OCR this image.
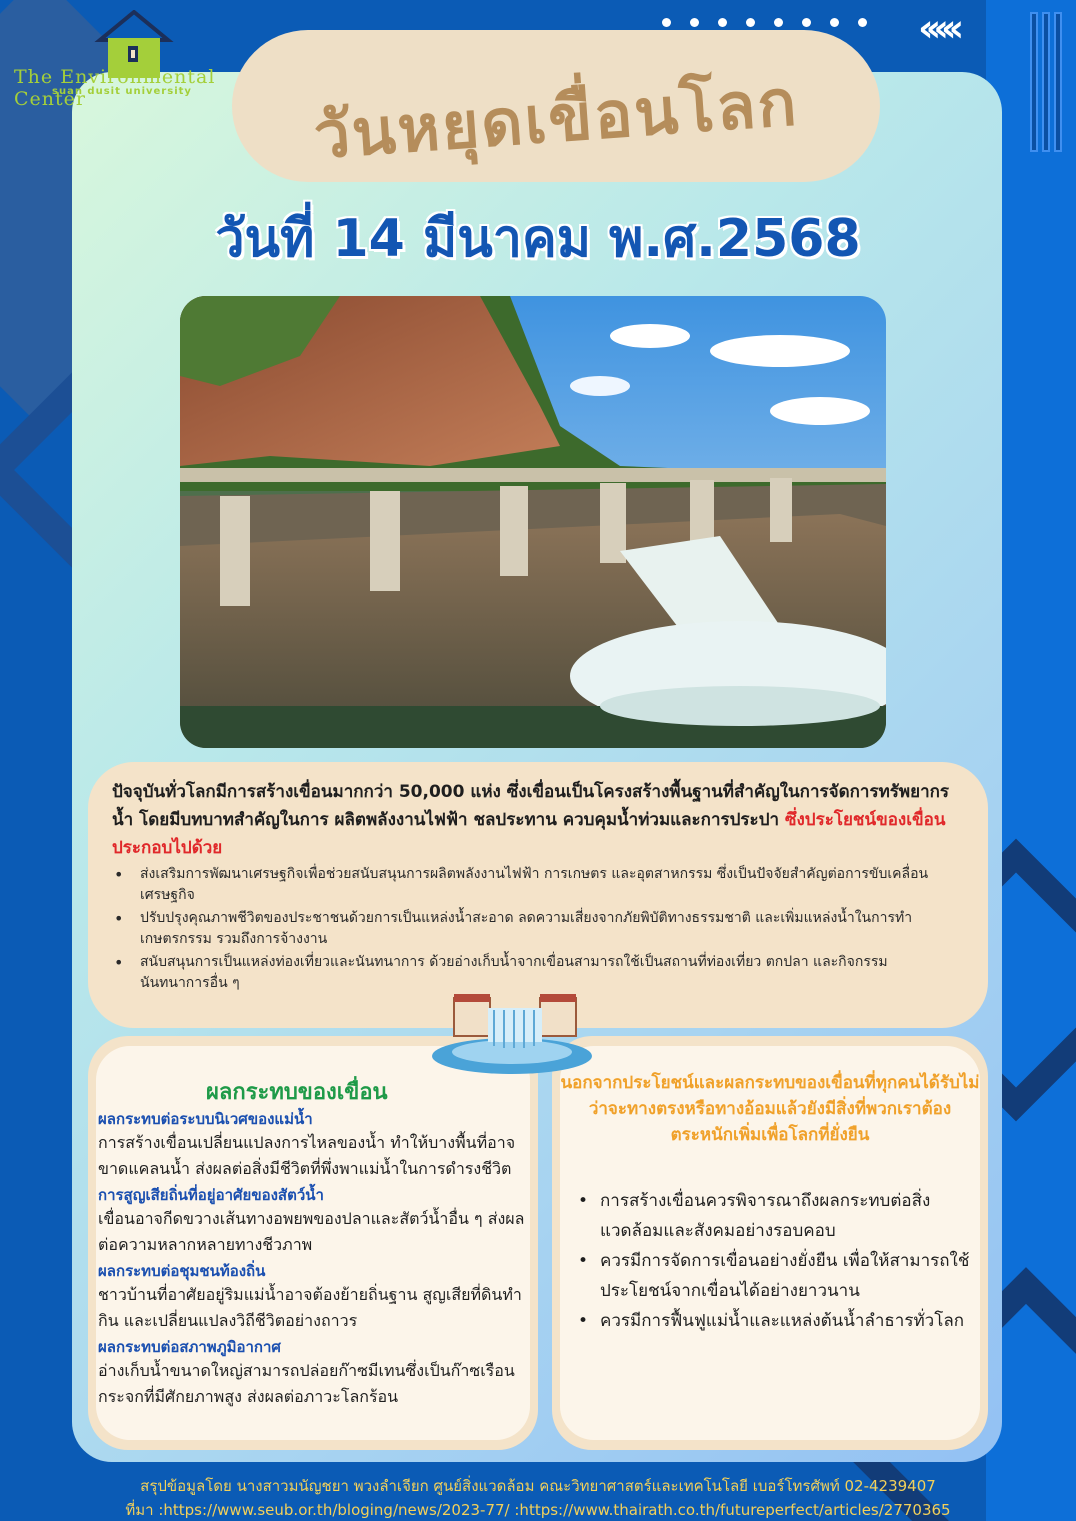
‹‹‹‹‹
The Environmental Center
suan dusit university	วันหยุดเขื่อนโลก
วันที่ 14 มีนาคม พ.ศ.2568

ปัจจุบันทั่วโลกมีการสร้างเขื่อนมากกว่า 50,000 แห่ง ซึ่งเขื่อนเป็นโครงสร้างพื้นฐานที่สำคัญในการจัดการทรัพยากรน้ำ โดยมีบทบาทสำคัญในการ ผลิตพลังงานไฟฟ้า ชลประทาน ควบคุมน้ำท่วมและการประปา ซึ่งประโยชน์ของเขื่อนประกอบไปด้วย

• ส่งเสริมการพัฒนาเศรษฐกิจเพื่อช่วยสนับสนุนการผลิตพลังงานไฟฟ้า การเกษตร และอุตสาหกรรม ซึ่งเป็นปัจจัยสำคัญต่อการขับเคลื่อนเศรษฐกิจ
• ปรับปรุงคุณภาพชีวิตของประชาชนด้วยการเป็นแหล่งน้ำสะอาด ลดความเสี่ยงจากภัยพิบัติทางธรรมชาติ และเพิ่มแหล่งน้ำในการทำเกษตรกรรม รวมถึงการจ้างงาน
• สนับสนุนการเป็นแหล่งท่องเที่ยวและนันทนาการ ด้วยอ่างเก็บน้ำจากเขื่อนสามารถใช้เป็นสถานที่ท่องเที่ยว ตกปลา และกิจกรรมนันทนาการอื่น ๆ
ผลกระทบของเขื่อน
ผลกระทบต่อระบบนิเวศของแม่น้ำ
การสร้างเขื่อนเปลี่ยนแปลงการไหลของน้ำ ทำให้บางพื้นที่อาจขาดแคลนน้ำ ส่งผลต่อสิ่งมีชีวิตที่พึ่งพาแม่น้ำในการดำรงชีวิต
การสูญเสียถิ่นที่อยู่อาศัยของสัตว์น้ำ
เขื่อนอาจกีดขวางเส้นทางอพยพของปลาและสัตว์น้ำอื่น ๆ ส่งผลต่อความหลากหลายทางชีวภาพ
ผลกระทบต่อชุมชนท้องถิ่น
ชาวบ้านที่อาศัยอยู่ริมแม่น้ำอาจต้องย้ายถิ่นฐาน สูญเสียที่ดินทำกิน และเปลี่ยนแปลงวิถีชีวิตอย่างถาวร
ผลกระทบต่อสภาพภูมิอากาศ
อ่างเก็บน้ำขนาดใหญ่สามารถปล่อยก๊าซมีเทนซึ่งเป็นก๊าซเรือนกระจกที่มีศักยภาพสูง ส่งผลต่อภาวะโลกร้อน
นอกจากประโยชน์และผลกระทบของเขื่อนที่ทุกคนได้รับไม่ว่าจะทางตรงหรือทางอ้อมแล้วยังมีสิ่งที่พวกเราต้องตระหนักเพิ่มเพื่อโลกที่ยั่งยืน
• การสร้างเขื่อนควรพิจารณาถึงผลกระทบต่อสิ่งแวดล้อมและสังคมอย่างรอบคอบ
• ควรมีการจัดการเขื่อนอย่างยั่งยืน เพื่อให้สามารถใช้ประโยชน์จากเขื่อนได้อย่างยาวนาน
• ควรมีการฟื้นฟูแม่น้ำและแหล่งต้นน้ำลำธารทั่วโลก
สรุปข้อมูลโดย นางสาวมนัญชยา พวงลำเจียก ศูนย์สิ่งแวดล้อม คณะวิทยาศาสตร์และเทคโนโลยี เบอร์โทรศัพท์ 02-4239407
ที่มา :https://www.seub.or.th/bloging/news/2023-77/ :https://www.thairath.co.th/futureperfect/articles/2770365
